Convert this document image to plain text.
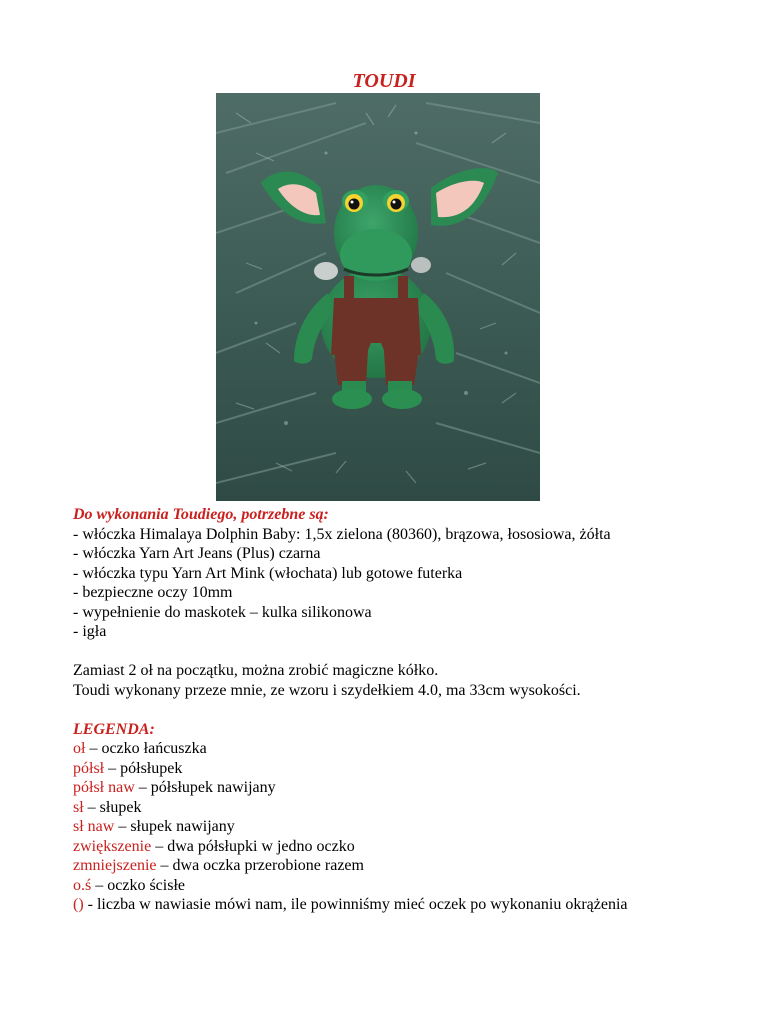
TOUDI

Do wykonania Toudiego, potrzebne są:

- włóczka Himalaya Dolphin Baby: 1,5x zielona (80360), brązowa, łososiowa, żółta

- włóczka Yarn Art Jeans (Plus) czarna

- włóczka typu Yarn Art Mink (włochata) lub gotowe futerka

- bezpieczne oczy 10mm

- wypełnienie do maskotek – kulka silikonowa

- igła

Zamiast 2 oł na początku, można zrobić magiczne kółko.

Toudi wykonany przeze mnie, ze wzoru i szydełkiem 4.0, ma 33cm wysokości.

LEGENDA:

oł – oczko łańcuszka

półsł – półsłupek

półsł naw – półsłupek nawijany

sł – słupek

sł naw – słupek nawijany

zwiększenie – dwa półsłupki w jedno oczko

zmniejszenie – dwa oczka przerobione razem

o.ś – oczko ścisłe

() - liczba w nawiasie mówi nam, ile powinniśmy mieć oczek po wykonaniu okrążenia
